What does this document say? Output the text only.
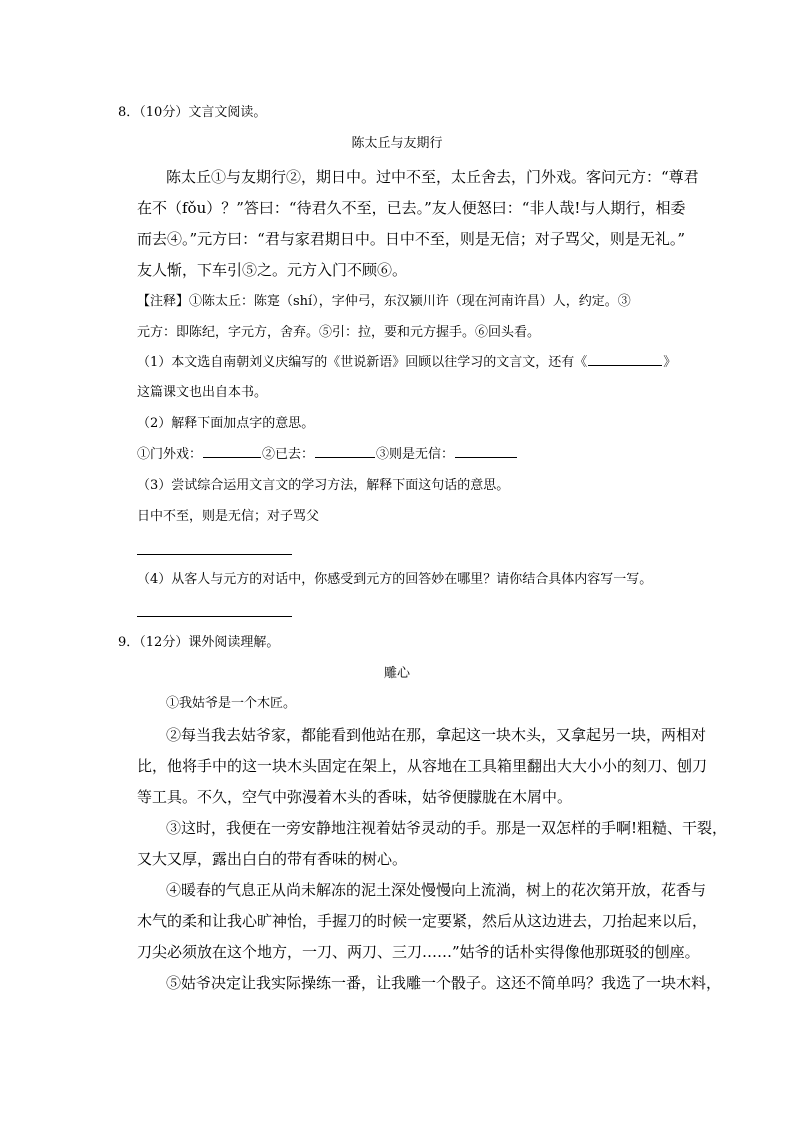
8．（10分）文言文阅读。
陈太丘与友期行
陈太丘①与友期行②，期日中。过中不至，太丘舍去，门外戏。客问元方：“尊君
在不（fǒu）？”答曰：“待君久不至，已去。”友人便怒曰：“非人哉!与人期行，相委
而去④。”元方曰：“君与家君期日中。日中不至，则是无信；对子骂父，则是无礼。”
友人惭，下车引⑤之。元方入门不顾⑥。
【注释】①陈太丘：陈寔（shí），字仲弓，东汉颍川许（现在河南许昌）人，约定。③
元方：即陈纪，字元方，舍弃。⑤引：拉，要和元方握手。⑥回头看。
（1）本文选自南朝刘义庆编写的《世说新语》回顾以往学习的文言文，还有《	》
这篇课文也出自本书。
（2）解释下面加点字的意思。
①门外戏：	②已去：	③则是无信：
（3）尝试综合运用文言文的学习方法，解释下面这句话的意思。
日中不至，则是无信；对子骂父
（4）从客人与元方的对话中，你感受到元方的回答妙在哪里？请你结合具体内容写一写。
9．（12分）课外阅读理解。
雕心
①我姑爷是一个木匠。
②每当我去姑爷家，都能看到他站在那，拿起这一块木头，又拿起另一块，两相对
比，他将手中的这一块木头固定在架上，从容地在工具箱里翻出大大小小的刻刀、刨刀
等工具。不久，空气中弥漫着木头的香味，姑爷便朦胧在木屑中。
③这时，我便在一旁安静地注视着姑爷灵动的手。那是一双怎样的手啊!粗糙、干裂，
又大又厚，露出白白的带有香味的树心。
④暖春的气息正从尚未解冻的泥土深处慢慢向上流淌，树上的花次第开放，花香与
木气的柔和让我心旷神怡，手握刀的时候一定要紧，然后从这边进去，刀抬起来以后，
刀尖必须放在这个地方，一刀、两刀、三刀……”姑爷的话朴实得像他那斑驳的刨座。
⑤姑爷决定让我实际操练一番，让我雕一个骰子。这还不简单吗？我选了一块木料，
